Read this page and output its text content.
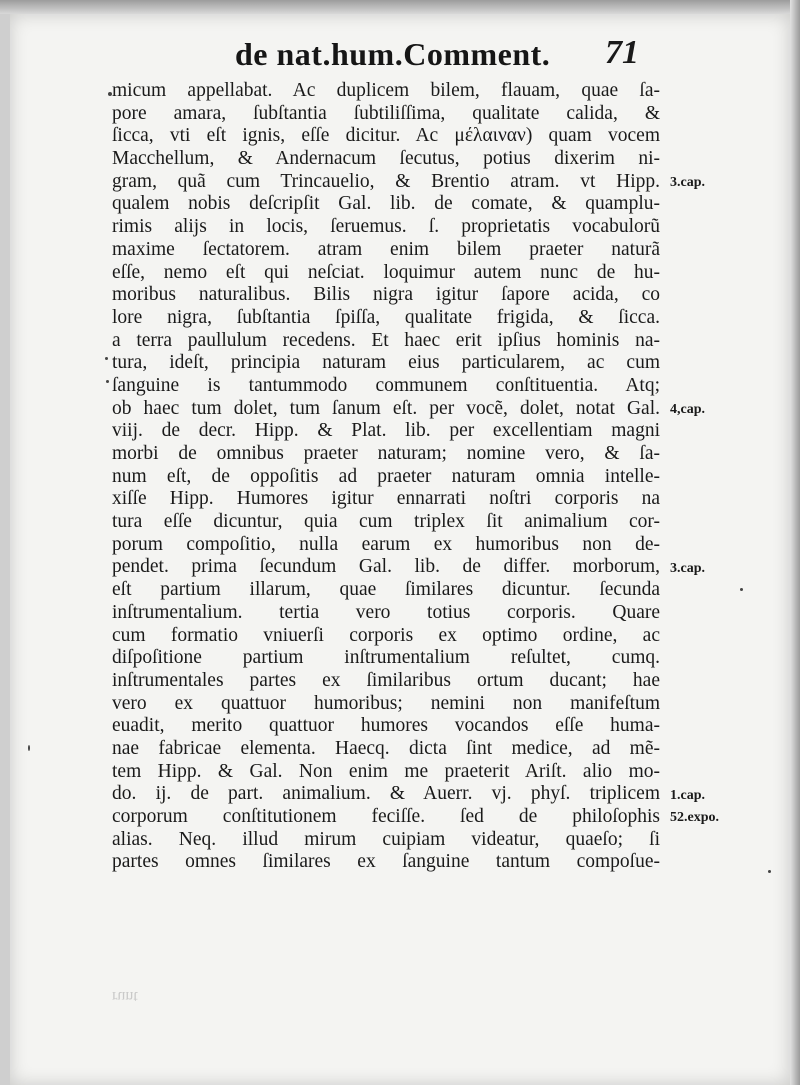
de nat.hum.Comment. 71
micum appellabat. Ac duplicem bilem, flauam, quae ſa-
pore amara, ſubſtantia ſubtiliſſima, qualitate calida, &
ſicca, vti eſt ignis, eſſe dicitur. Ac μέλαιναν) quam vocem
Macchellum, & Andernacum ſecutus, potius dixerim ni-
gram, quã cum Trincauelio, & Brentio atram. vt Hipp.
qualem nobis deſcripſit Gal. lib. de comate, & quamplu-
rimis alijs in locis, ſeruemus. ſ. proprietatis vocabulorũ
maxime ſectatorem. atram enim bilem praeter naturã
eſſe, nemo eſt qui neſciat. loquimur autem nunc de hu-
moribus naturalibus. Bilis nigra igitur ſapore acida, co
lore nigra, ſubſtantia ſpiſſa, qualitate frigida, & ſicca.
a terra paullulum recedens. Et haec erit ipſius hominis na-
tura, ideſt, principia naturam eius particularem, ac cum
ſanguine is tantummodo communem conſtituentia. Atq;
ob haec tum dolet, tum ſanum eſt. per vocẽ, dolet, notat Gal.
viij. de decr. Hipp. & Plat. lib. per excellentiam magni
morbi de omnibus praeter naturam; nomine vero, & ſa-
num eſt, de oppoſitis ad praeter naturam omnia intelle-
xiſſe Hipp. Humores igitur ennarrati noſtri corporis na
tura eſſe dicuntur, quia cum triplex ſit animalium cor-
porum compoſitio, nulla earum ex humoribus non de-
pendet. prima ſecundum Gal. lib. de differ. morborum,
eſt partium illarum, quae ſimilares dicuntur. ſecunda
inſtrumentalium. tertia vero totius corporis. Quare
cum formatio vniuerſi corporis ex optimo ordine, ac
diſpoſitione partium inſtrumentalium reſultet, cumq.
inſtrumentales partes ex ſimilaribus ortum ducant; hae
vero ex quattuor humoribus; nemini non manifeſtum
euadit, merito quattuor humores vocandos eſſe huma-
nae fabricae elementa. Haecq. dicta ſint medice, ad mẽ-
tem Hipp. & Gal. Non enim me praeterit Ariſt. alio mo-
do. ij. de part. animalium. & Auerr. vj. phyſ. triplicem
corporum conſtitutionem feciſſe. ſed de philoſophis
alias. Neq. illud mirum cuipiam videatur, quaeſo; ſi
partes omnes ſimilares ex ſanguine tantum compoſue-
3.cap.
4,cap.
3.cap.
1.cap.
52.expo.
runt
